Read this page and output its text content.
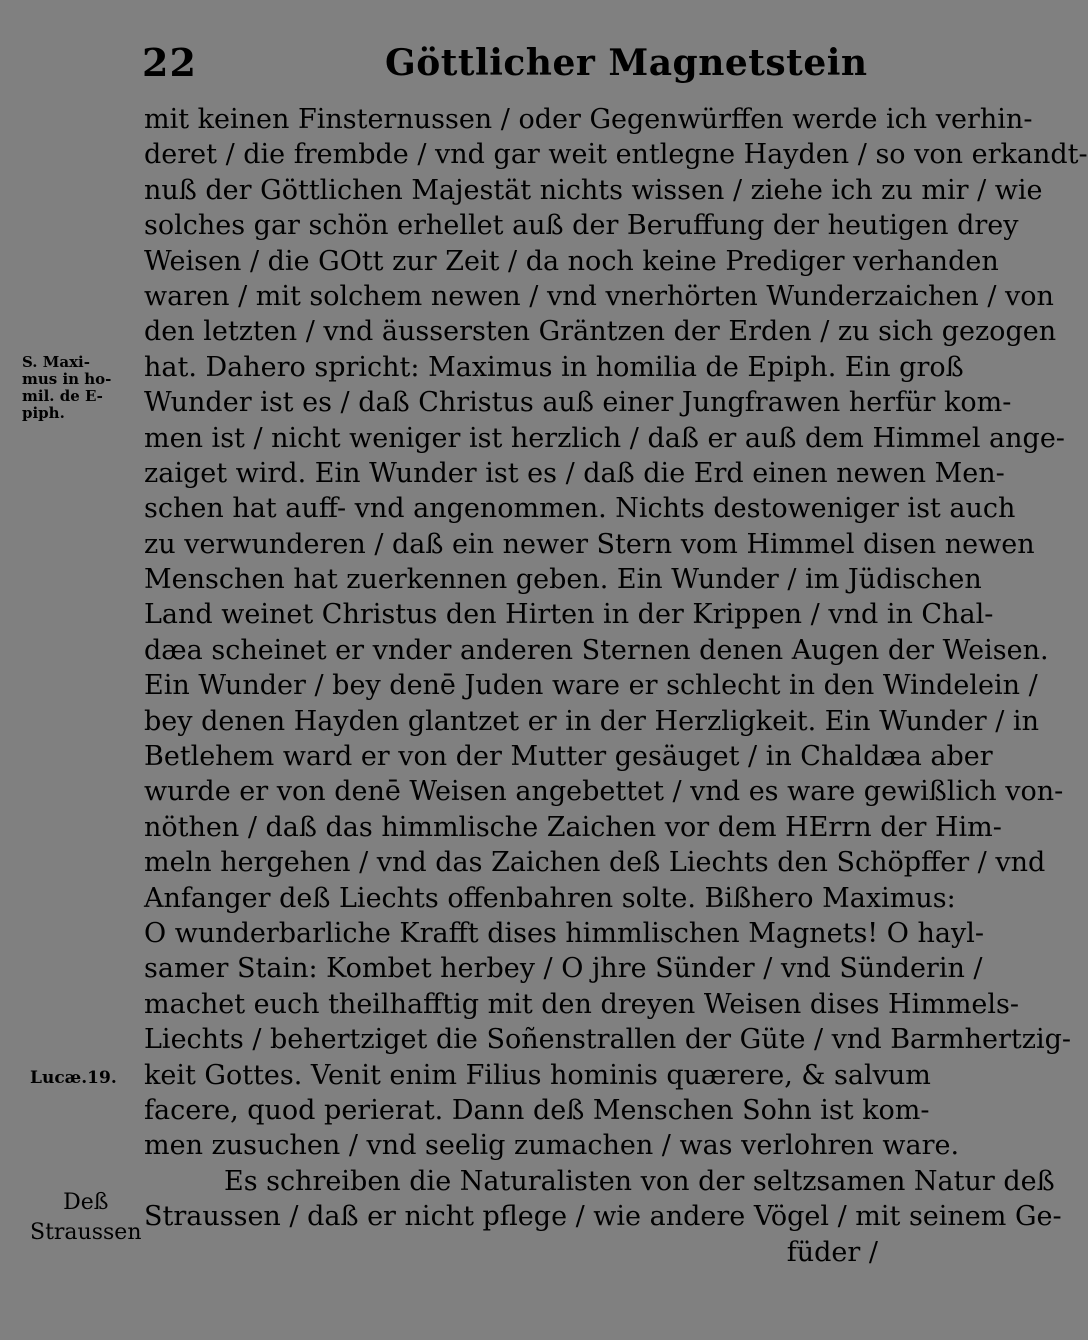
22	Göttlicher Magnetstein
mit keinen Finsternussen / oder Gegenwürffen werde ich verhin-
deret / die frembde / vnd gar weit entlegne Hayden / so von erkandt-
nuß der Göttlichen Majestät nichts wissen / ziehe ich zu mir / wie
solches gar schön erhellet auß der Beruffung der heutigen drey
Weisen / die GOtt zur Zeit / da noch keine Prediger verhanden
waren / mit solchem newen / vnd vnerhörten Wunderzaichen / von
den letzten / vnd äussersten Gräntzen der Erden / zu sich gezogen
hat. Dahero spricht: Maximus in homilia de Epiph. Ein groß
Wunder ist es / daß Christus auß einer Jungfrawen herfür kom-
men ist / nicht weniger ist herzlich / daß er auß dem Himmel ange-
zaiget wird. Ein Wunder ist es / daß die Erd einen newen Men-
schen hat auff- vnd angenommen. Nichts destoweniger ist auch
zu verwunderen / daß ein newer Stern vom Himmel disen newen
Menschen hat zuerkennen geben. Ein Wunder / im Jüdischen
Land weinet Christus den Hirten in der Krippen / vnd in Chal-
dæa scheinet er vnder anderen Sternen denen Augen der Weisen.
Ein Wunder / bey denē Juden ware er schlecht in den Windelein /
bey denen Hayden glantzet er in der Herzligkeit. Ein Wunder / in
Betlehem ward er von der Mutter gesäuget / in Chaldæa aber
wurde er von denē Weisen angebettet / vnd es ware gewißlich von-
nöthen / daß das himmlische Zaichen vor dem HErrn der Him-
meln hergehen / vnd das Zaichen deß Liechts den Schöpffer / vnd
Anfanger deß Liechts offenbahren solte. Bißhero Maximus:
O wunderbarliche Krafft dises himmlischen Magnets! O hayl-
samer Stain: Kombet herbey / O jhre Sünder / vnd Sünderin /
machet euch theilhafftig mit den dreyen Weisen dises Himmels-
Liechts / behertziget die Soñenstrallen der Güte / vnd Barmhertzig-
keit Gottes. Venit enim Filius hominis quærere, & salvum
facere, quod perierat. Dann deß Menschen Sohn ist kom-
men zusuchen / vnd seelig zumachen / was verlohren ware.
Es schreiben die Naturalisten von der seltzsamen Natur deß
Straussen / daß er nicht pflege / wie andere Vögel / mit seinem Ge-
füder /
S. Maxi-
mus in ho-
mil. de E-
piph.
Lucæ.19.
Deß
Straussen
